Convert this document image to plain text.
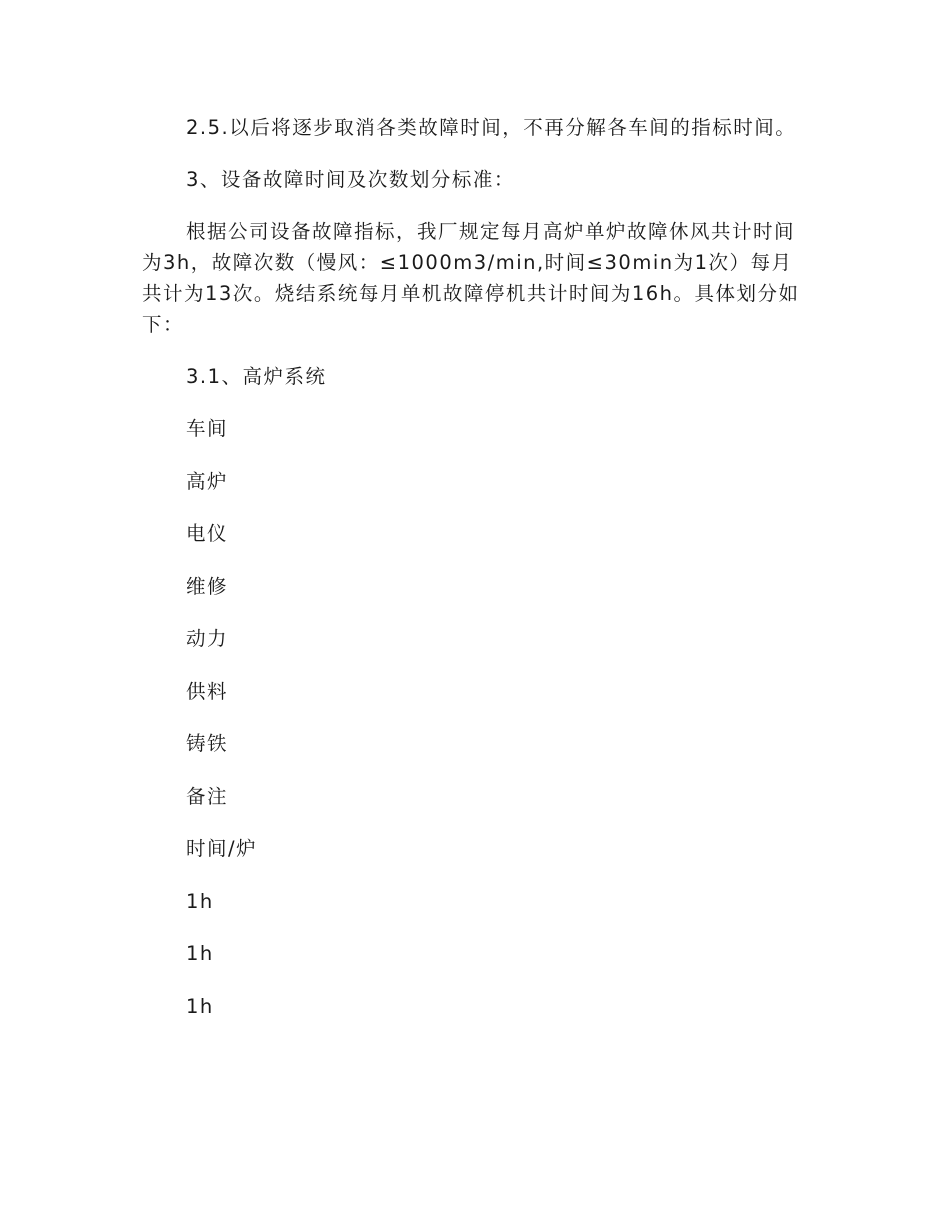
2.5.以后将逐步取消各类故障时间，不再分解各车间的指标时间。

3、设备故障时间及次数划分标准：

根据公司设备故障指标，我厂规定每月高炉单炉故障休风共计时间为3h，故障次数（慢风：≤1000m3/min,时间≤30min为1次）每月共计为13次。烧结系统每月单机故障停机共计时间为16h。具体划分如下：

3.1、高炉系统

车间
高炉
电仪
维修
动力
供料
铸铁
备注
时间/炉
1h
1h
1h
